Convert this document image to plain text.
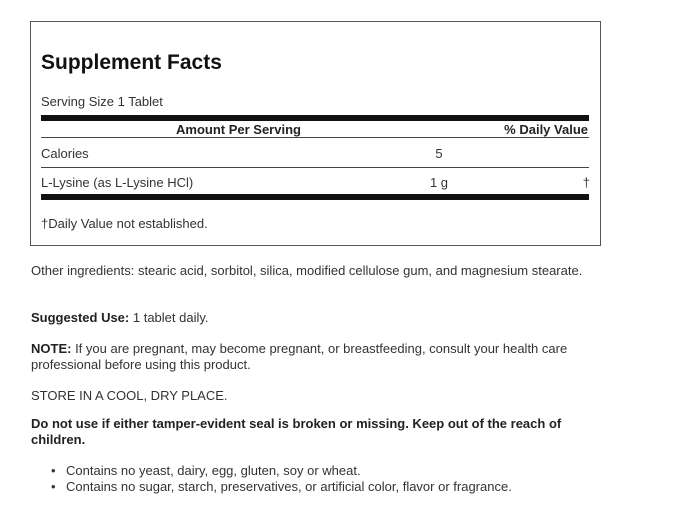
Supplement Facts
Serving Size 1 Tablet
Amount Per Serving	% Daily Value
Calories	5
L-Lysine (as L-Lysine HCl)	1 g	†
†Daily Value not established.

Other ingredients: stearic acid, sorbitol, silica, modified cellulose gum, and magnesium stearate.

Suggested Use: 1 tablet daily.

NOTE: If you are pregnant, may become pregnant, or breastfeeding, consult your health care professional before using this product.

STORE IN A COOL, DRY PLACE.

Do not use if either tamper-evident seal is broken or missing. Keep out of the reach of children.

• Contains no yeast, dairy, egg, gluten, soy or wheat.
• Contains no sugar, starch, preservatives, or artificial color, flavor or fragrance.
